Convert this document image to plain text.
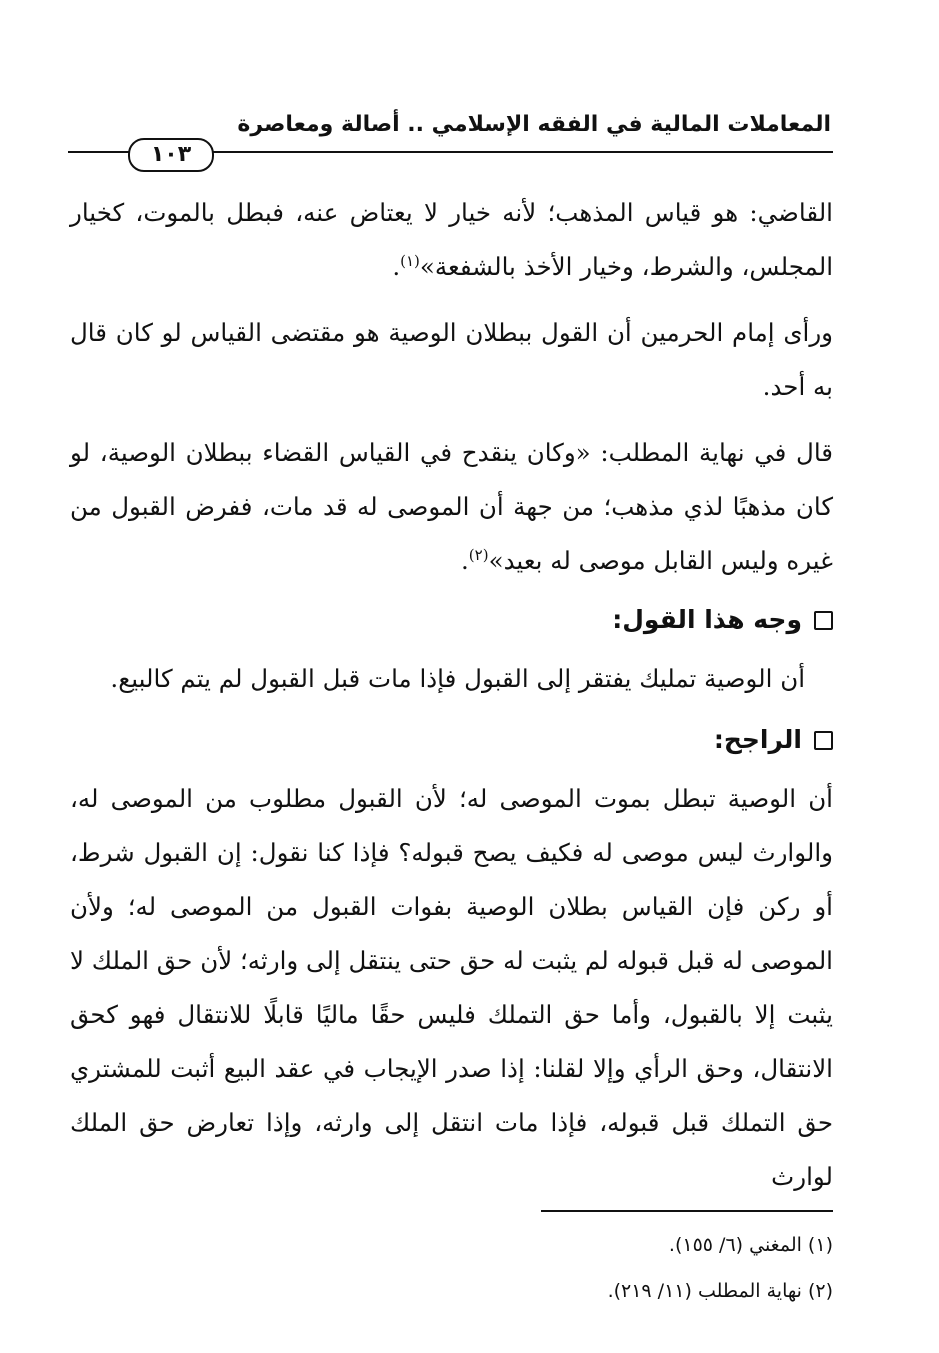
المعاملات المالية في الفقه الإسلامي .. أصالة ومعاصرة
١٠٣

القاضي: هو قياس المذهب؛ لأنه خيار لا يعتاض عنه، فبطل بالموت، كخيار المجلس، والشرط، وخيار الأخذ بالشفعة»$^{(١)}$.

ورأى إمام الحرمين أن القول ببطلان الوصية هو مقتضى القياس لو كان قال به أحد.

قال في نهاية المطلب: «وكان ينقدح في القياس القضاء ببطلان الوصية، لو كان مذهبًا لذي مذهب؛ من جهة أن الموصى له قد مات، ففرض القبول من غيره وليس القابل موصى له بعيد»$^{(٢)}$.

وجه هذا القول:

أن الوصية تمليك يفتقر إلى القبول فإذا مات قبل القبول لم يتم كالبيع.

الراجح:

أن الوصية تبطل بموت الموصى له؛ لأن القبول مطلوب من الموصى له، والوارث ليس موصى له فكيف يصح قبوله؟ فإذا كنا نقول: إن القبول شرط، أو ركن فإن القياس بطلان الوصية بفوات القبول من الموصى له؛ ولأن الموصى له قبل قبوله لم يثبت له حق حتى ينتقل إلى وارثه؛ لأن حق الملك لا يثبت إلا بالقبول، وأما حق التملك فليس حقًا ماليًا قابلًا للانتقال فهو كحق الانتقال، وحق الرأي وإلا لقلنا: إذا صدر الإيجاب في عقد البيع أثبت للمشتري حق التملك قبل قبوله، فإذا مات انتقل إلى وارثه، وإذا تعارض حق الملك لوارث

(١) المغني (٦/ ١٥٥).

(٢) نهاية المطلب (١١/ ٢١٩).
